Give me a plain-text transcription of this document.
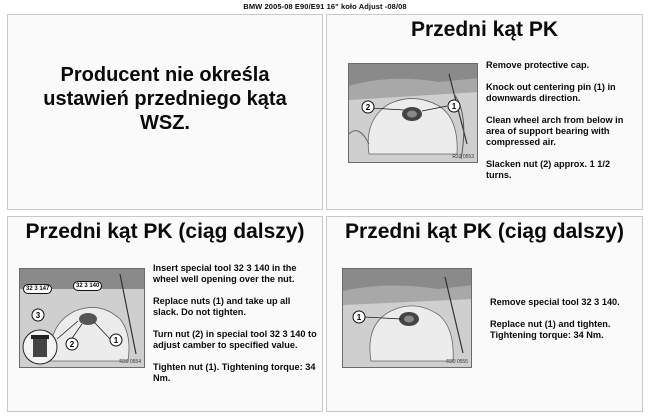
BMW 2005-08 E90/E91 16" koło Adjust -08/08
Producent nie określa
ustawień przedniego kąta
WSZ.
Przedni kąt PK
2	1
R32 0553

Remove protective cap.

Knock out centering pin (1) in downwards direction.

Clean wheel arch from below in area of support bearing with compressed air.

Slacken nut (2) approx. 1 1/2 turns.

Przedni kąt PK (ciąg dalszy)
3
2	1
32 3 147	32 3 140
R30 0554

Insert special tool 32 3 140 in the wheel well opening over the nut.

Replace nuts (1) and take up all slack. Do not tighten.

Turn nut (2) in special tool 32 3 140 to adjust camber to specified value.

Tighten nut (1). Tightening torque: 34 Nm.

Przedni kąt PK (ciąg dalszy)
1
R30 0555

Remove special tool 32 3 140.

Replace nut (1) and tighten. Tightening torque: 34 Nm.
